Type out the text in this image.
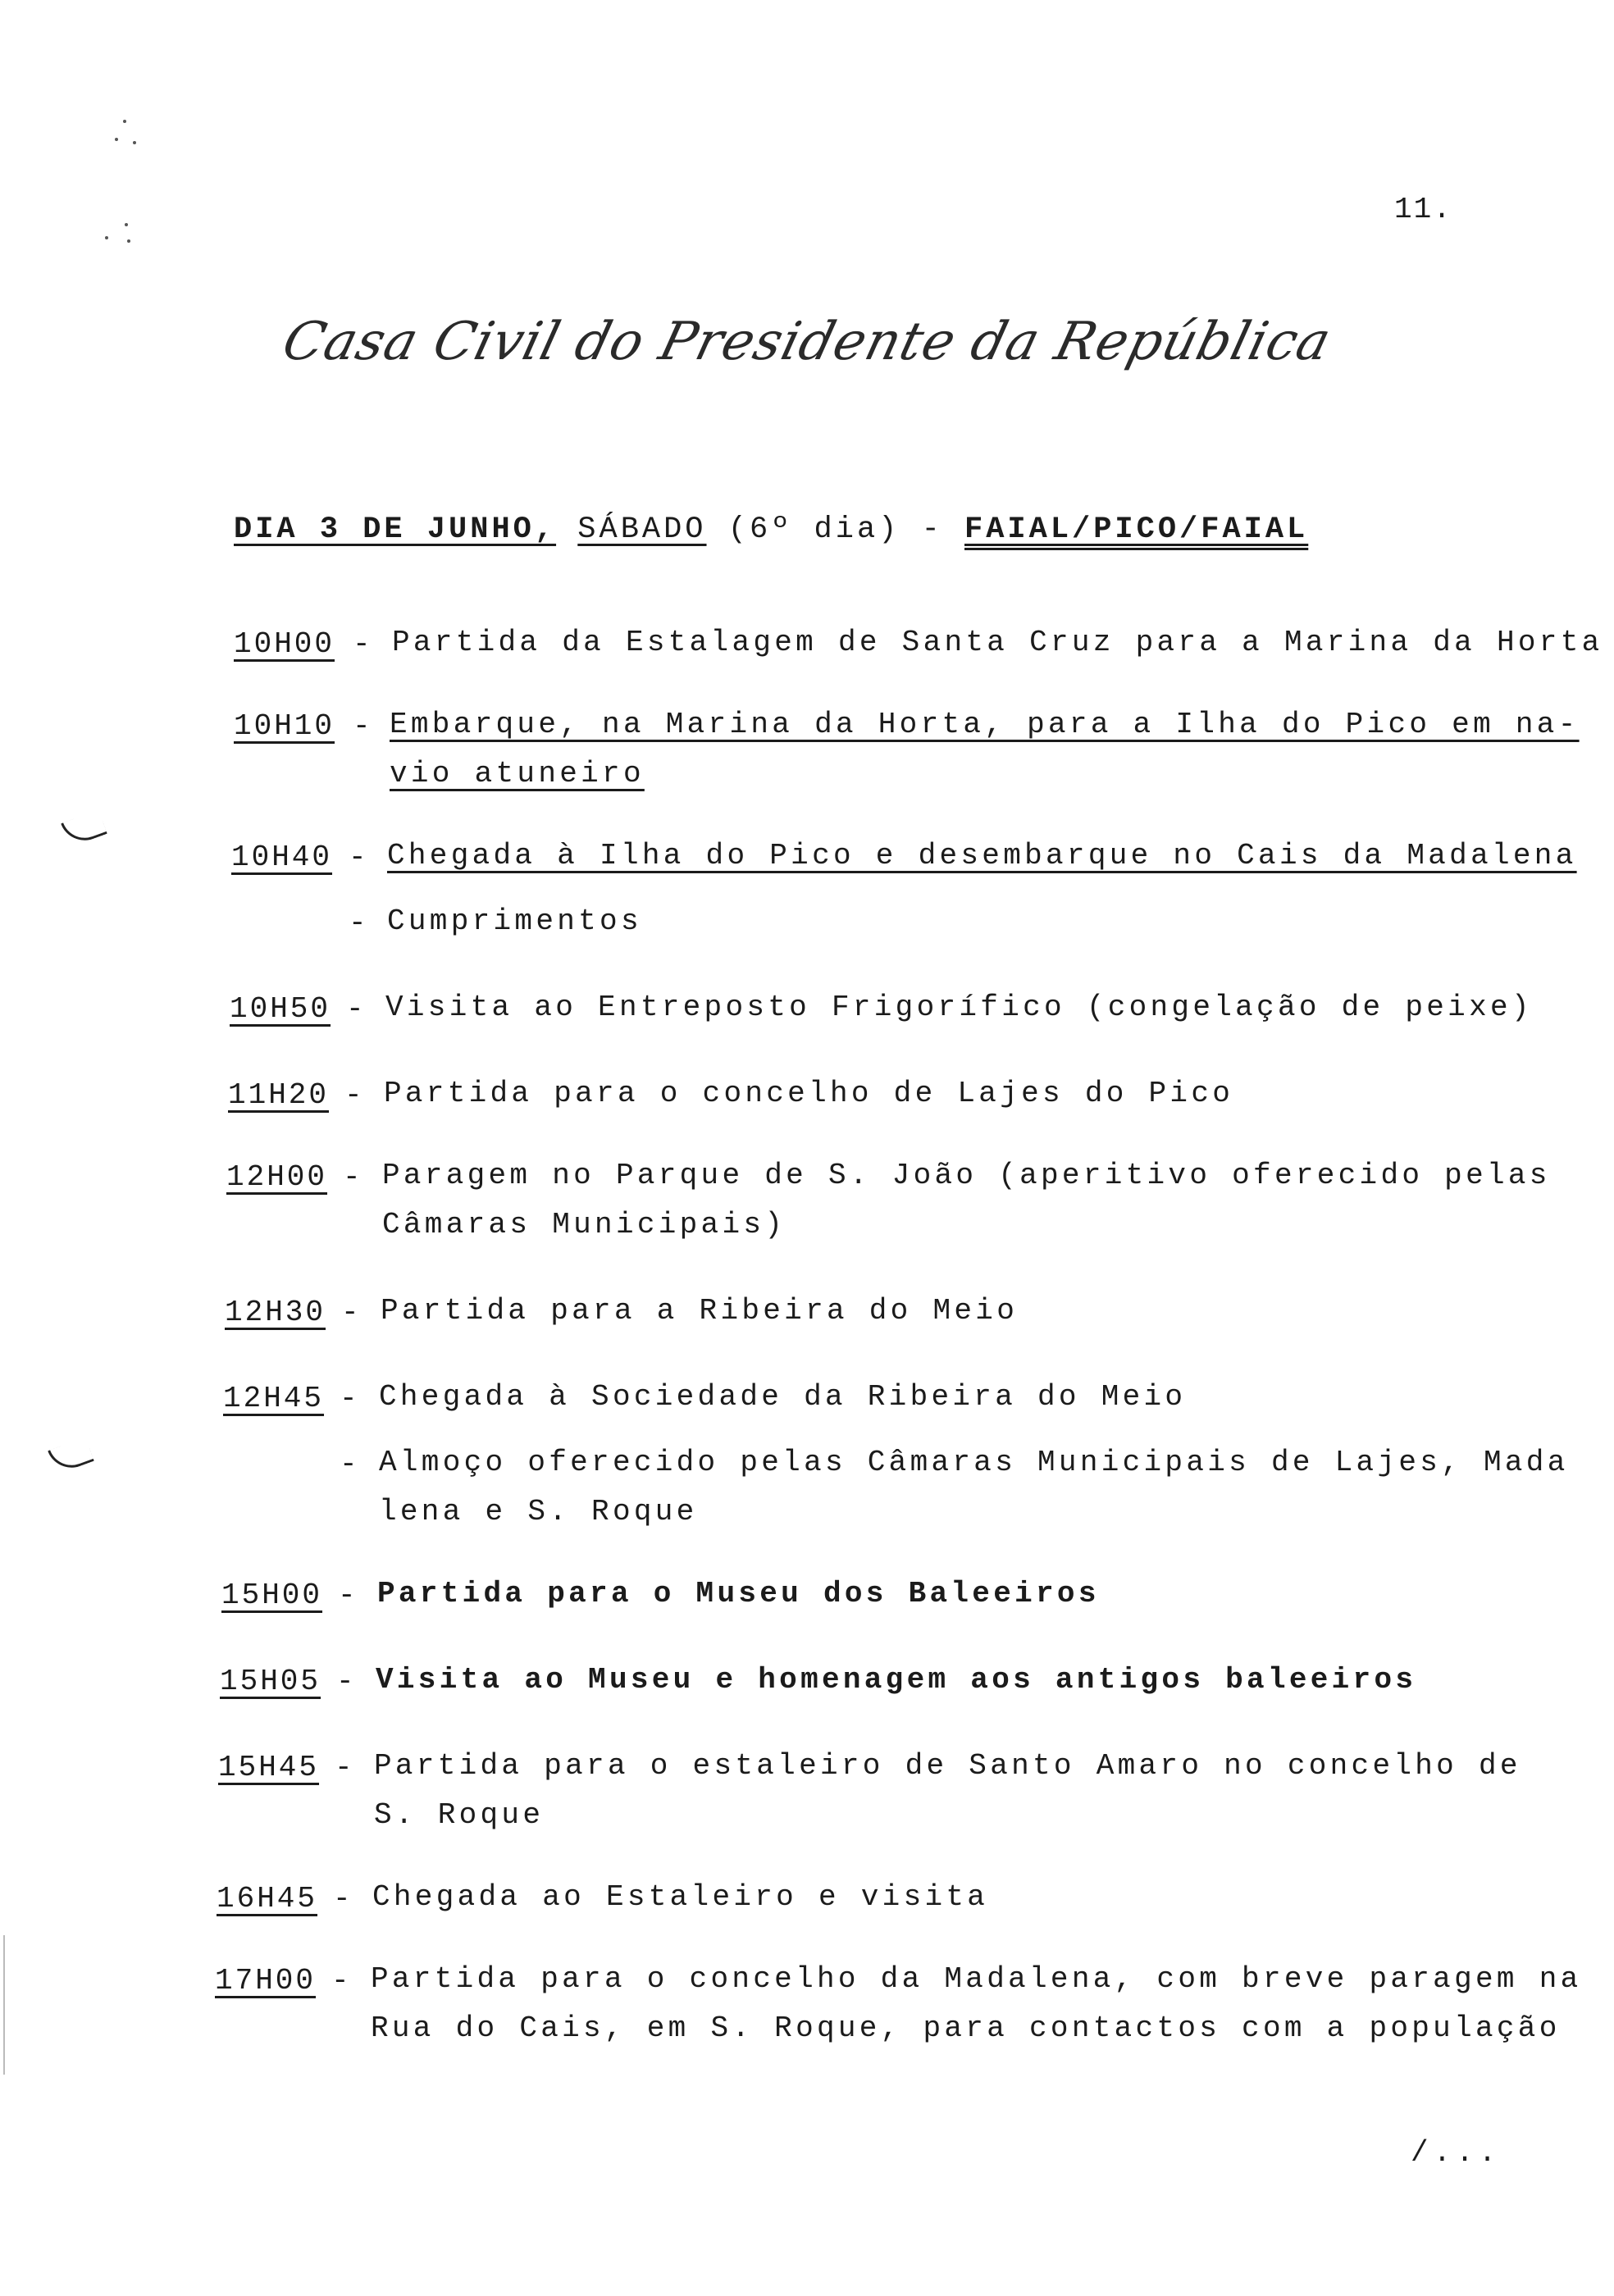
11.
Casa Civil do Presidente da República
DIA 3 DE JUNHO, SÁBADO (6º dia) - FAIAL/PICO/FAIAL
10H00 - Partida da Estalagem de Santa Cruz para a Marina da Horta
10H10 - Embarque, na Marina da Horta, para a Ilha do Pico em na-
vio atuneiro
10H40 - Chegada à Ilha do Pico e desembarque no Cais da Madalena
- Cumprimentos
10H50 - Visita ao Entreposto Frigorífico (congelação de peixe)
11H20 - Partida para o concelho de Lajes do Pico
12H00 - Paragem no Parque de S. João (aperitivo oferecido pelas
Câmaras Municipais)
12H30 - Partida para a Ribeira do Meio
12H45 - Chegada à Sociedade da Ribeira do Meio
- Almoço oferecido pelas Câmaras Municipais de Lajes, Mada
lena e S. Roque
15H00 - Partida para o Museu dos Baleeiros
15H05 - Visita ao Museu e homenagem aos antigos baleeiros
15H45 - Partida para o estaleiro de Santo Amaro no concelho de
S. Roque
16H45 - Chegada ao Estaleiro e visita
17H00 - Partida para o concelho da Madalena, com breve paragem na
Rua do Cais, em S. Roque, para contactos com a população
/...
